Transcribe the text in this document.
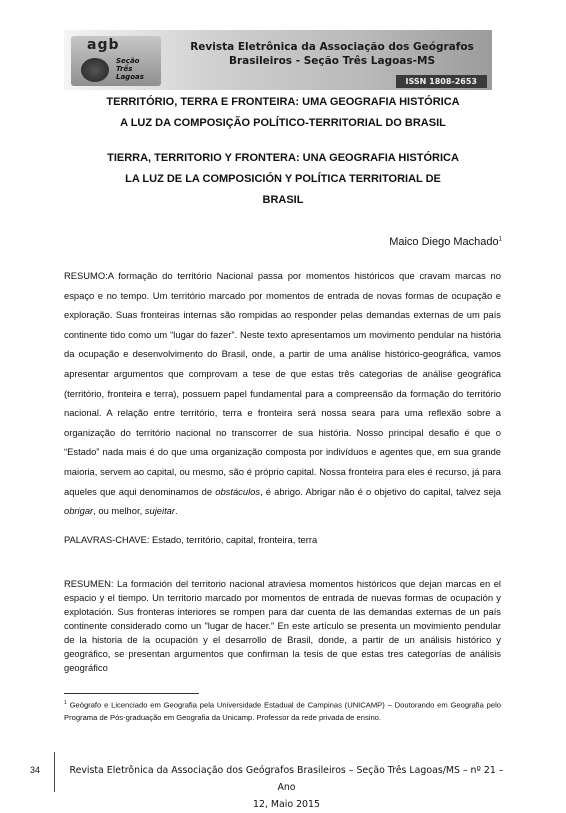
agb
Seção
Três Lagoas
Revista Eletrônica da Associação dos Geógrafos
Brasileiros - Seção Três Lagoas-MS
ISSN 1808-2653
TERRITÓRIO, TERRA E FRONTEIRA: UMA GEOGRAFIA HISTÓRICA
A LUZ DA COMPOSIÇÃO POLÍTICO-TERRITORIAL DO BRASIL
TIERRA, TERRITORIO Y FRONTERA: UNA GEOGRAFIA HISTÓRICA
LA LUZ DE LA COMPOSICIÓN Y POLÍTICA TERRITORIAL DE
BRASIL
Maico Diego Machado$^1$

RESUMO:A formação do território Nacional passa por momentos históricos que cravam marcas no espaço e no tempo. Um território marcado por momentos de entrada de novas formas de ocupação e exploração. Suas fronteiras internas são rompidas ao responder pelas demandas externas de um país continente tido como um “lugar do fazer”. Neste texto apresentamos um movimento pendular na história da ocupação e desenvolvimento do Brasil, onde, a partir de uma análise histórico-geográfica, vamos apresentar argumentos que comprovam a tese de que estas três categorias de análise geográfica (território, fronteira e terra), possuem papel fundamental para a compreensão da formação do território nacional. A relação entre território, terra e fronteira será nossa seara para uma reflexão sobre a organização do território nacional no transcorrer de sua história. Nosso principal desafio é que o “Estado” nada mais é do que uma organização composta por indivíduos e agentes que, em sua grande maioria, servem ao capital, ou mesmo, são é próprio capital. Nossa fronteira para eles é recurso, já para aqueles que aqui denominamos de obstáculos, é abrigo. Abrigar não é o objetivo do capital, talvez seja obrigar, ou melhor, sujeitar.

PALAVRAS-CHAVE: Estado, território, capital, fronteira, terra

RESUMEN: La formación del territorio nacional atraviesa momentos históricos que dejan marcas en el espacio y el tiempo. Un territorio marcado por momentos de entrada de nuevas formas de ocupación y explotación. Sus fronteras interiores se rompen para dar cuenta de las demandas externas de un país continente considerado como un "lugar de hacer." En este artículo se presenta un movimiento pendular de la historia de la ocupación y el desarrollo de Brasil, donde, a partir de un análisis histórico y geográfico, se presentan argumentos que confirman la tesis de que estas tres categorías de análisis geográfico

$^1$ Geógrafo e Licenciado em Geografia pela Universidade Estadual de Campinas (UNICAMP) – Doutorando em Geografia pelo Programa de Pós-graduação em Geografia da Unicamp. Professor da rede privada de ensino.
34	Revista Eletrônica da Associação dos Geógrafos Brasileiros – Seção Três Lagoas/MS – nº 21 – Ano
12, Maio 2015
